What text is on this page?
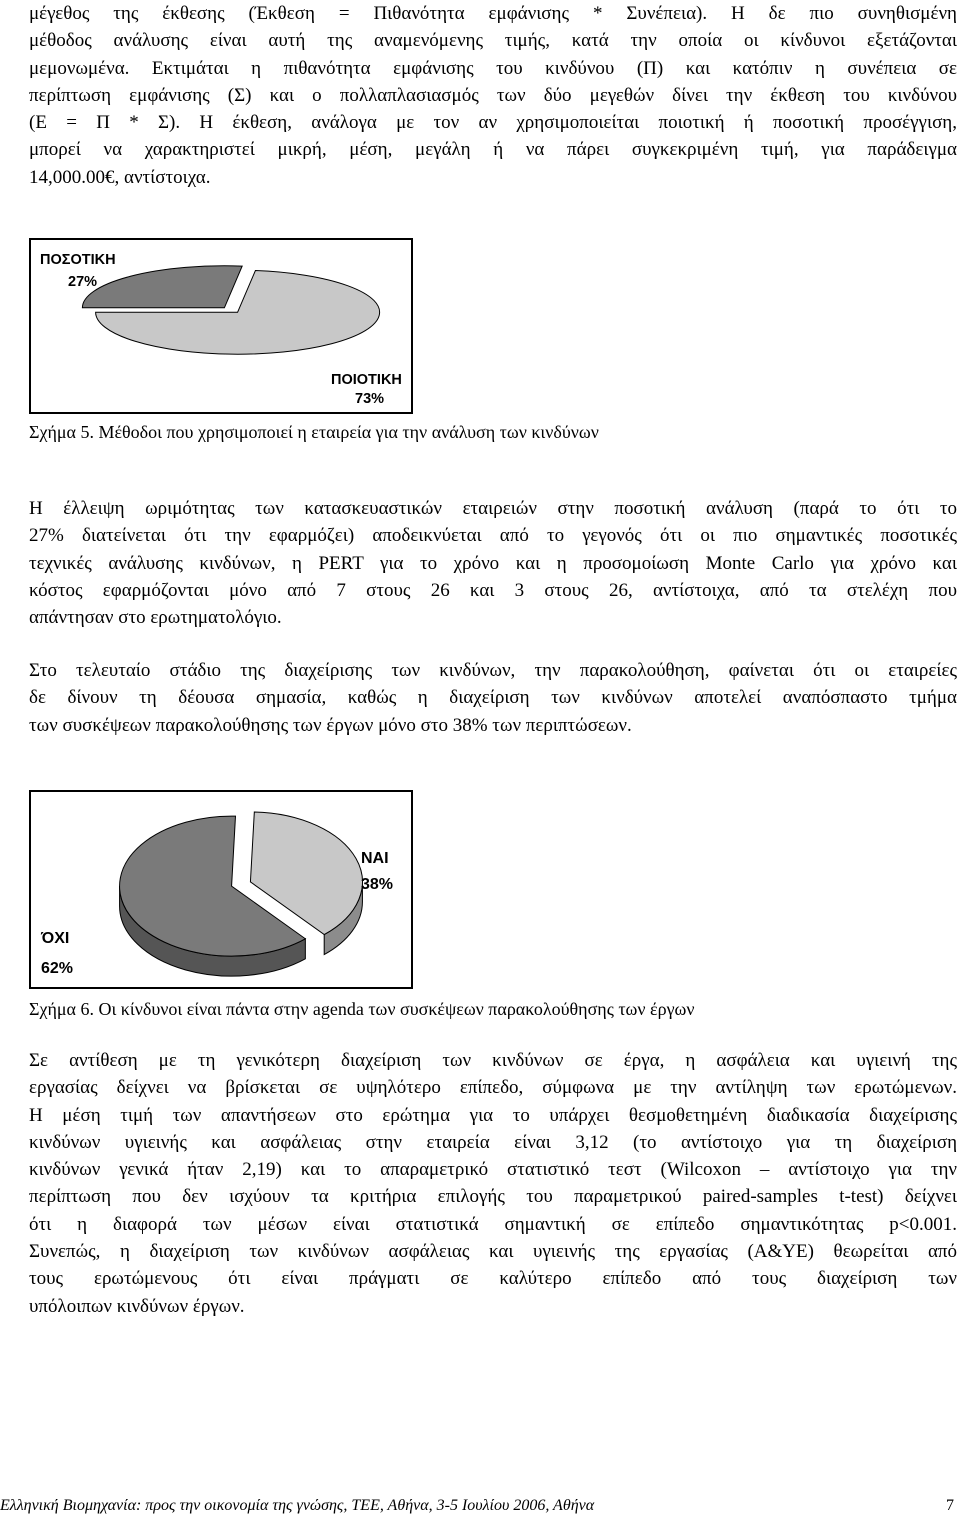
μέγεθος της έκθεσης (Έκθεση = Πιθανότητα εμφάνισης * Συνέπεια). Η δε πιο συνηθισμένη
μέθοδος ανάλυσης είναι αυτή της αναμενόμενης τιμής, κατά την οποία οι κίνδυνοι εξετάζονται
μεμονωμένα. Εκτιμάται η πιθανότητα εμφάνισης του κινδύνου (Π) και κατόπιν η συνέπεια σε
περίπτωση εμφάνισης (Σ) και ο πολλαπλασιασμός των δύο μεγεθών δίνει την έκθεση του κινδύνου
(Ε = Π * Σ). Η έκθεση, ανάλογα με τον αν χρησιμοποιείται ποιοτική ή ποσοτική προσέγγιση,
μπορεί να χαρακτηριστεί μικρή, μέση, μεγάλη ή να πάρει συγκεκριμένη τιμή, για παράδειγμα
14,000.00€, αντίστοιχα.
ΠΟΣΟΤΙΚΗ
27%
ΠΟΙΟΤΙΚΗ
73%
Σχήμα 5. Μέθοδοι που χρησιμοποιεί η εταιρεία για την ανάλυση των κινδύνων
Η έλλειψη ωριμότητας των κατασκευαστικών εταιρειών στην ποσοτική ανάλυση (παρά το ότι το
27% διατείνεται ότι την εφαρμόζει) αποδεικνύεται από το γεγονός ότι οι πιο σημαντικές ποσοτικές
τεχνικές ανάλυσης κινδύνων, η PERT για το χρόνο και η προσομοίωση Monte Carlo για χρόνο και
κόστος εφαρμόζονται μόνο από 7 στους 26 και 3 στους 26, αντίστοιχα, από τα στελέχη που
απάντησαν στο ερωτηματολόγιο.
Στο τελευταίο στάδιο της διαχείρισης των κινδύνων, την παρακολούθηση, φαίνεται ότι οι εταιρείες
δε δίνουν τη δέουσα σημασία, καθώς η διαχείριση των κινδύνων αποτελεί αναπόσπαστο τμήμα
των συσκέψεων παρακολούθησης των έργων μόνο στο 38% των περιπτώσεων.
ΝΑΙ
38%
ΌΧΙ
62%
Σχήμα 6. Οι κίνδυνοι είναι πάντα στην agenda των συσκέψεων παρακολούθησης των έργων
Σε αντίθεση με τη γενικότερη διαχείριση των κινδύνων σε έργα, η ασφάλεια και υγιεινή της
εργασίας δείχνει να βρίσκεται σε υψηλότερο επίπεδο, σύμφωνα με την αντίληψη των ερωτώμενων.
Η μέση τιμή των απαντήσεων στο ερώτημα για το υπάρχει θεσμοθετημένη διαδικασία διαχείρισης
κινδύνων υγιεινής και ασφάλειας στην εταιρεία είναι 3,12 (το αντίστοιχο για τη διαχείριση
κινδύνων γενικά ήταν 2,19) και το απαραμετρικό στατιστικό τεστ (Wilcoxon – αντίστοιχο για την
περίπτωση που δεν ισχύουν τα κριτήρια επιλογής του παραμετρικού paired-samples t-test) δείχνει
ότι η διαφορά των μέσων είναι στατιστικά σημαντική σε επίπεδο σημαντικότητας p<0.001.
Συνεπώς, η διαχείριση των κινδύνων ασφάλειας και υγιεινής της εργασίας (Α&ΥΕ) θεωρείται από
τους ερωτώμενους ότι είναι πράγματι σε καλύτερο επίπεδο από τους διαχείριση των
υπόλοιπων κινδύνων έργων.
Ελληνική Βιομηχανία: προς την οικονομία της γνώσης, ΤΕΕ, Αθήνα, 3-5 Ιουλίου 2006, Αθήνα	7
